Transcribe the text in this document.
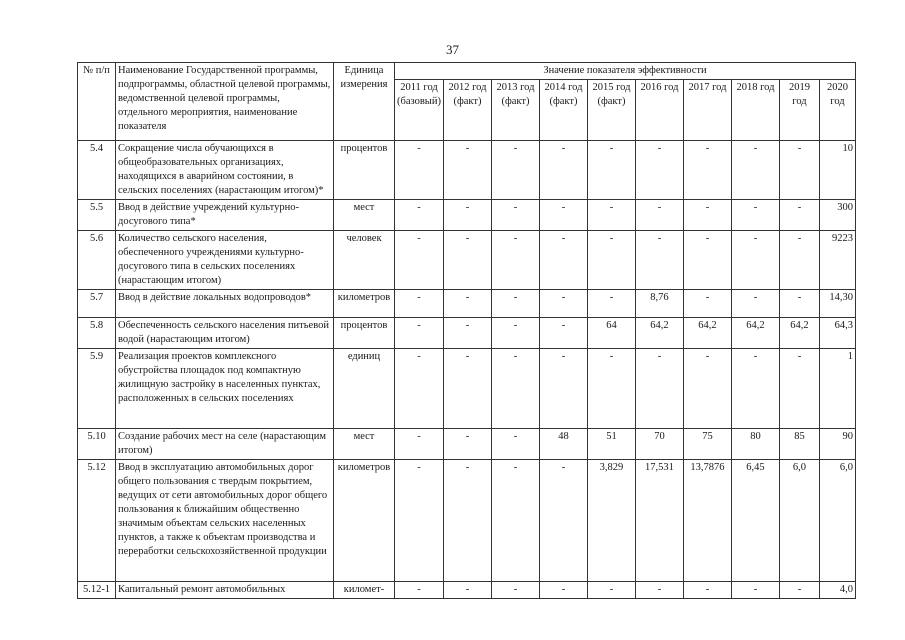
37
№ п/п	Наименование Государственной программы, подпрограммы, областной целевой программы, ведомственной целевой программы, отдельного мероприятия, наименование показателя	Единица измерения	Значение показателя эффективности									
			2011 год (базовый)	2012 год (факт)	2013 год (факт)	2014 год (факт)	2015 год (факт)	2016 год	2017 год	2018 год	2019 год	2020 год
5.4	Сокращение числа обучающихся в общеобразовательных организациях, находящихся в аварийном состоянии, в сельских поселениях (нарастающим итогом)*	процентов	-	-	-	-	-	-	-	-	-	10
5.5	Ввод в действие учреждений культурно-досугового типа*	мест	-	-	-	-	-	-	-	-	-	300
5.6	Количество сельского населения, обеспеченного учреждениями культурно-досугового типа в сельских поселениях (нарастающим итогом)	человек	-	-	-	-	-	-	-	-	-	9223
5.7	Ввод в действие локальных водопроводов*	километров	-	-	-	-	-	8,76	-	-	-	14,30
5.8	Обеспеченность сельского населения питьевой водой (нарастающим итогом)	процентов	-	-	-	-	64	64,2	64,2	64,2	64,2	64,3
5.9	Реализация проектов комплексного обустройства площадок под компактную жилищную застройку в населенных пунктах, расположенных в сельских поселениях	единиц	-	-	-	-	-	-	-	-	-	1
5.10	Создание рабочих мест на селе (нарастающим итогом)	мест	-	-	-	48	51	70	75	80	85	90
5.12	Ввод в эксплуатацию автомобильных дорог общего пользования с твердым покрытием, ведущих от сети автомобильных дорог общего пользования к ближайшим общественно значимым объектам сельских населенных пунктов, а также к объектам производства и переработки сельскохозяйственной продукции	километров	-	-	-	-	3,829	17,531	13,7876	6,45	6,0	6,0
5.12-1	Капитальный ремонт автомобильных	километ-	-	-	-	-	-	-	-	-	-	4,0
